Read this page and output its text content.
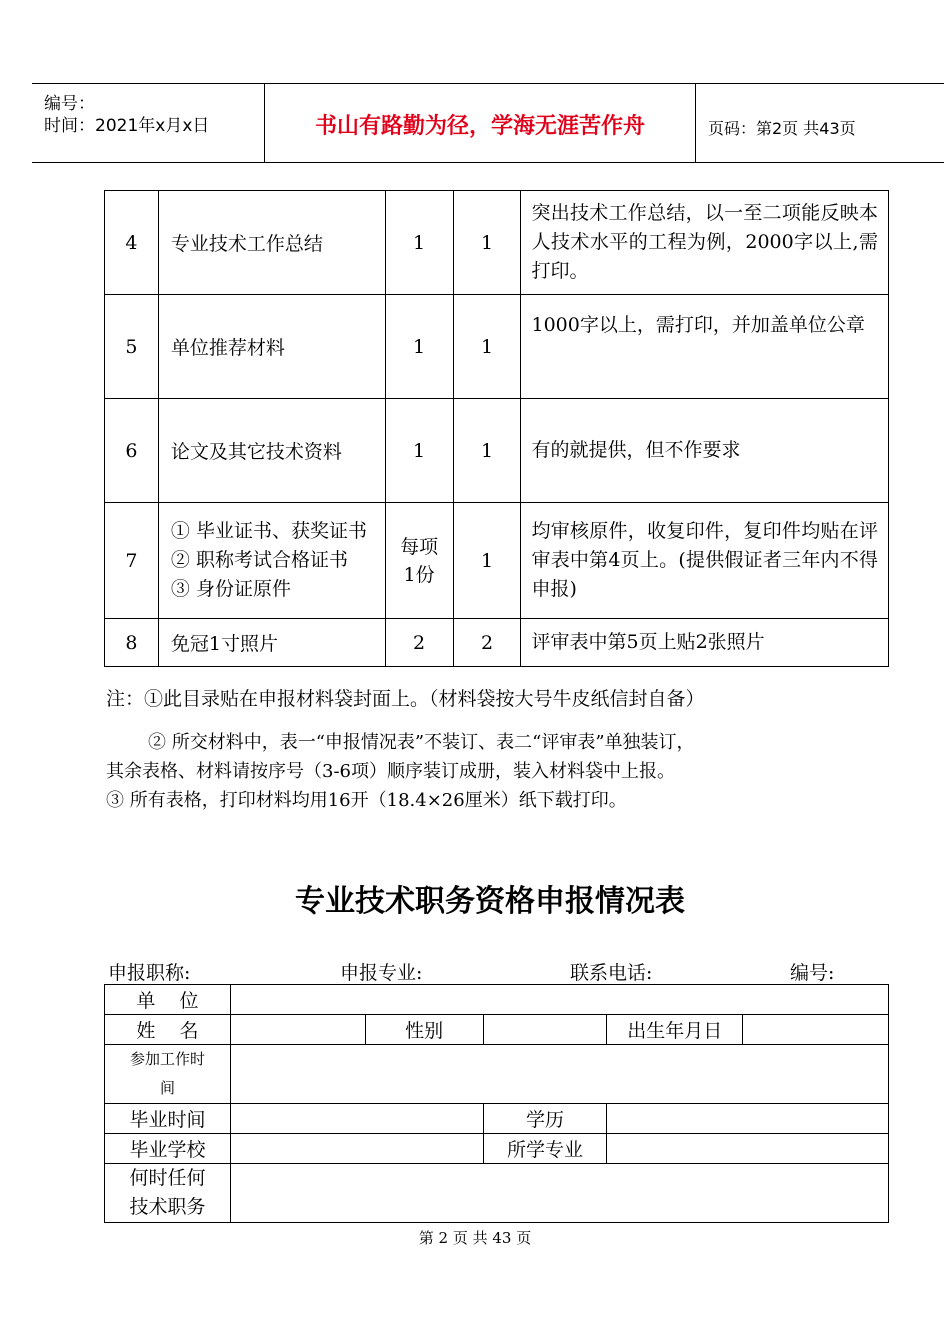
编号：
时间：2021年x月x日	书山有路勤为径，学海无涯苦作舟	页码：第2页 共43页
4	专业技术工作总结	1	1	突出技术工作总结，以一至二项能反映本人技术水平的工程为例，2000字以上,需打印。
5	单位推荐材料	1	1	1000字以上，需打印，并加盖单位公章
6	论文及其它技术资料	1	1	有的就提供，但不作要求
7	① 毕业证书、获奖证书
② 职称考试合格证书
③ 身份证原件	每项1份	1	均审核原件，收复印件，复印件均贴在评审表中第4页上。(提供假证者三年内不得申报)
8	免冠1寸照片	2	2	评审表中第5页上贴2张照片
注：①此目录贴在申报材料袋封面上。（材料袋按大号牛皮纸信封自备）
② 所交材料中，表一“申报情况表”不装订、表二“评审表”单独装订，
其余表格、材料请按序号（3-6项）顺序装订成册，装入材料袋中上报。
③ 所有表格，打印材料均用16开（18.4×26厘米）纸下载打印。
专业技术职务资格申报情况表
申报职称:	申报专业:	联系电话:	编号:
单    位					
姓    名		性别		出生年月日	
参加工作时间					
毕业时间			学历		
毕业学校			所学专业		
何时任何技术职务					
第 2 页 共 43 页
